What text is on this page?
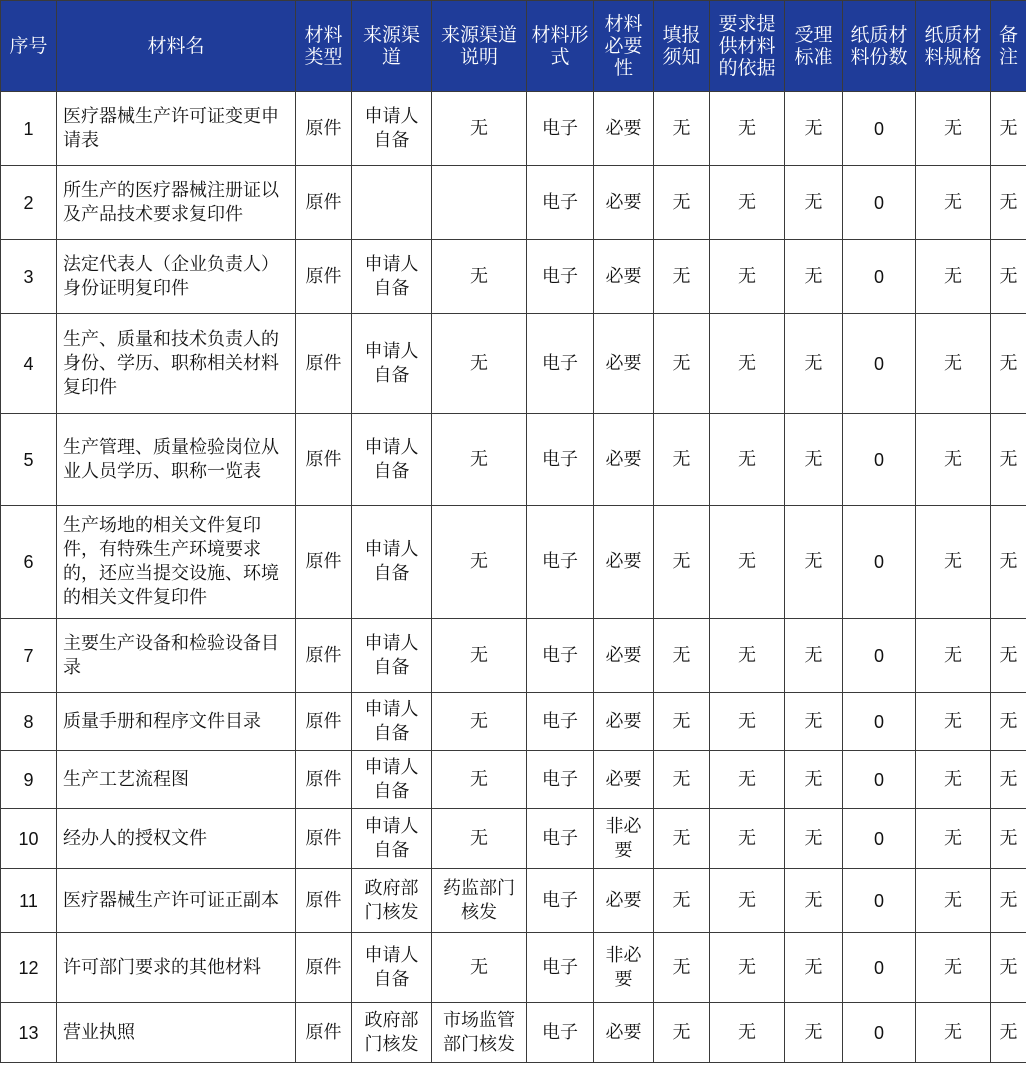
序号	材料名	材料类型	来源渠道	来源渠道说明	材料形式	材料必要性	填报须知	要求提供材料的依据	受理标准	纸质材料份数	纸质材料规格	备注
1	医疗器械生产许可证变更申请表	原件	申请人自备	无	电子	必要	无	无	无	0	无	无
2	所生产的医疗器械注册证以及产品技术要求复印件	原件			电子	必要	无	无	无	0	无	无
3	法定代表人（企业负责人）身份证明复印件	原件	申请人自备	无	电子	必要	无	无	无	0	无	无
4	生产、质量和技术负责人的身份、学历、职称相关材料复印件	原件	申请人自备	无	电子	必要	无	无	无	0	无	无
5	生产管理、质量检验岗位从业人员学历、职称一览表	原件	申请人自备	无	电子	必要	无	无	无	0	无	无
6	生产场地的相关文件复印件，有特殊生产环境要求的，还应当提交设施、环境的相关文件复印件	原件	申请人自备	无	电子	必要	无	无	无	0	无	无
7	主要生产设备和检验设备目录	原件	申请人自备	无	电子	必要	无	无	无	0	无	无
8	质量手册和程序文件目录	原件	申请人自备	无	电子	必要	无	无	无	0	无	无
9	生产工艺流程图	原件	申请人自备	无	电子	必要	无	无	无	0	无	无
10	经办人的授权文件	原件	申请人自备	无	电子	非必要	无	无	无	0	无	无
11	医疗器械生产许可证正副本	原件	政府部门核发	药监部门核发	电子	必要	无	无	无	0	无	无
12	许可部门要求的其他材料	原件	申请人自备	无	电子	非必要	无	无	无	0	无	无
13	营业执照	原件	政府部门核发	市场监管部门核发	电子	必要	无	无	无	0	无	无
